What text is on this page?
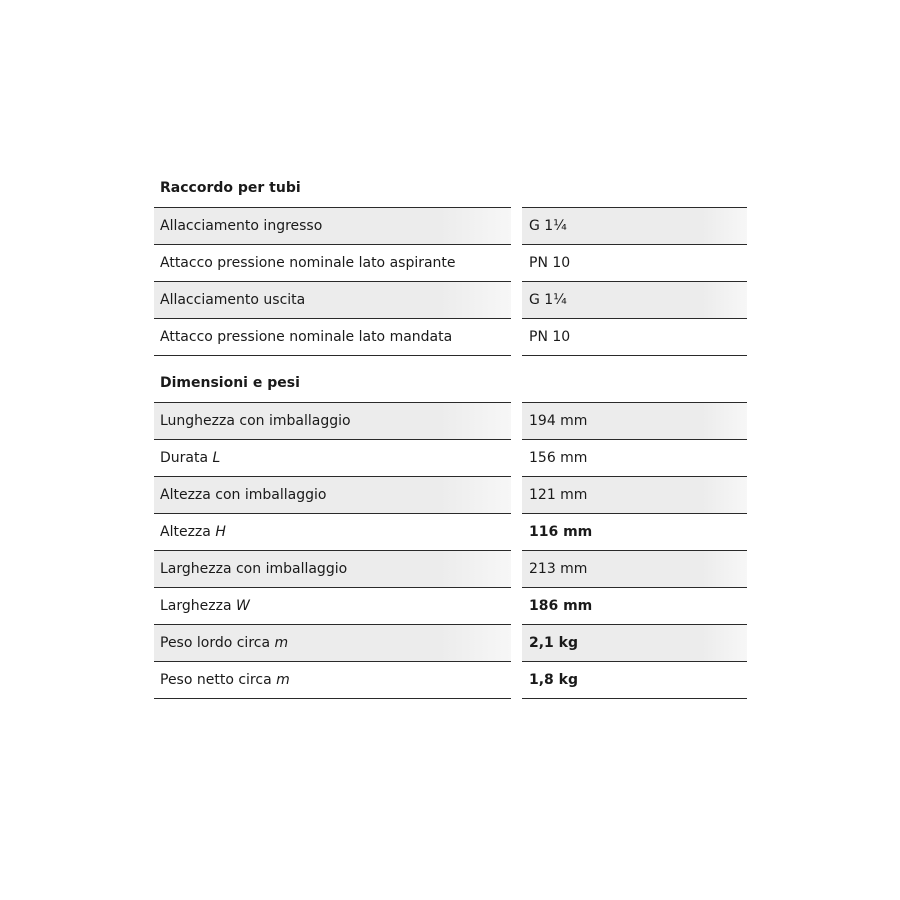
Raccordo per tubi
Allacciamento ingresso	G 1¼
Attacco pressione nominale lato aspirante	PN 10
Allacciamento uscita	G 1¼
Attacco pressione nominale lato mandata	PN 10
Dimensioni e pesi
Lunghezza con imballaggio	194 mm
Durata L	156 mm
Altezza con imballaggio	121 mm
Altezza H	116 mm
Larghezza con imballaggio	213 mm
Larghezza W	186 mm
Peso lordo circa m	2,1 kg
Peso netto circa m	1,8 kg
